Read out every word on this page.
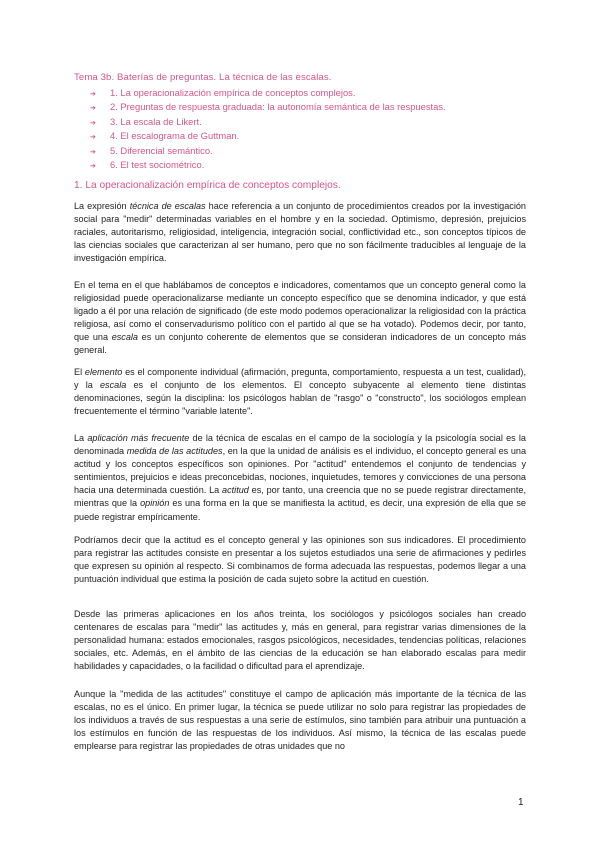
Tema 3b. Baterías de preguntas. La técnica de las escalas.
➔ 1. La operacionalización empírica de conceptos complejos.
➔ 2. Preguntas de respuesta graduada: la autonomía semántica de las respuestas.
➔ 3. La escala de Likert.
➔ 4. El escalograma de Guttman.
➔ 5. Diferencial semántico.
➔ 6. El test sociométrico.
1. La operacionalización empírica de conceptos complejos.

La expresión técnica de escalas hace referencia a un conjunto de procedimientos creados por la investigación social para "medir" determinadas variables en el hombre y en la sociedad. Optimismo, depresión, prejuicios raciales, autoritarismo, religiosidad, inteligencia, integración social, conflictividad etc., son conceptos típicos de las ciencias sociales que caracterizan al ser humano, pero que no son fácilmente traducibles al lenguaje de la investigación empírica.

En el tema en el que hablábamos de conceptos e indicadores, comentamos que un concepto general como la religiosidad puede operacionalizarse mediante un concepto específico que se denomina indicador, y que está ligado a él por una relación de significado (de este modo podemos operacionalizar la religiosidad con la práctica religiosa, así como el conservadurismo político con el partido al que se ha votado). Podemos decir, por tanto, que una escala es un conjunto coherente de elementos que se consideran indicadores de un concepto más general.

El elemento es el componente individual (afirmación, pregunta, comportamiento, respuesta a un test, cualidad), y la escala es el conjunto de los elementos. El concepto subyacente al elemento tiene distintas denominaciones, según la disciplina: los psicólogos hablan de "rasgo" o "constructo", los sociólogos emplean frecuentemente el término "variable latente".

La aplicación más frecuente de la técnica de escalas en el campo de la sociología y la psicología social es la denominada medida de las actitudes, en la que la unidad de análisis es el individuo, el concepto general es una actitud y los conceptos específicos son opiniones. Por "actitud" entendemos el conjunto de tendencias y sentimientos, prejuicios e ideas preconcebidas, nociones, inquietudes, temores y convicciones de una persona hacia una determinada cuestión. La actitud es, por tanto, una creencia que no se puede registrar directamente, mientras que la opinión es una forma en la que se manifiesta la actitud, es decir, una expresión de ella que se puede registrar empíricamente.

Podríamos decir que la actitud es el concepto general y las opiniones son sus indicadores. El procedimiento para registrar las actitudes consiste en presentar a los sujetos estudiados una serie de afirmaciones y pedirles que expresen su opinión al respecto. Si combinamos de forma adecuada las respuestas, podemos llegar a una puntuación individual que estima la posición de cada sujeto sobre la actitud en cuestión.

Desde las primeras aplicaciones en los años treinta, los sociólogos y psicólogos sociales han creado centenares de escalas para "medir" las actitudes y, más en general, para registrar varias dimensiones de la personalidad humana: estados emocionales, rasgos psicológicos, necesidades, tendencias políticas, relaciones sociales, etc. Además, en el ámbito de las ciencias de la educación se han elaborado escalas para medir habilidades y capacidades, o la facilidad o dificultad para el aprendizaje.

Aunque la "medida de las actitudes" constituye el campo de aplicación más importante de la técnica de las escalas, no es el único. En primer lugar, la técnica se puede utilizar no solo para registrar las propiedades de los individuos a través de sus respuestas a una serie de estímulos, sino también para atribuir una puntuación a los estímulos en función de las respuestas de los individuos. Así mismo, la técnica de las escalas puede emplearse para registrar las propiedades de otras unidades que no

1
